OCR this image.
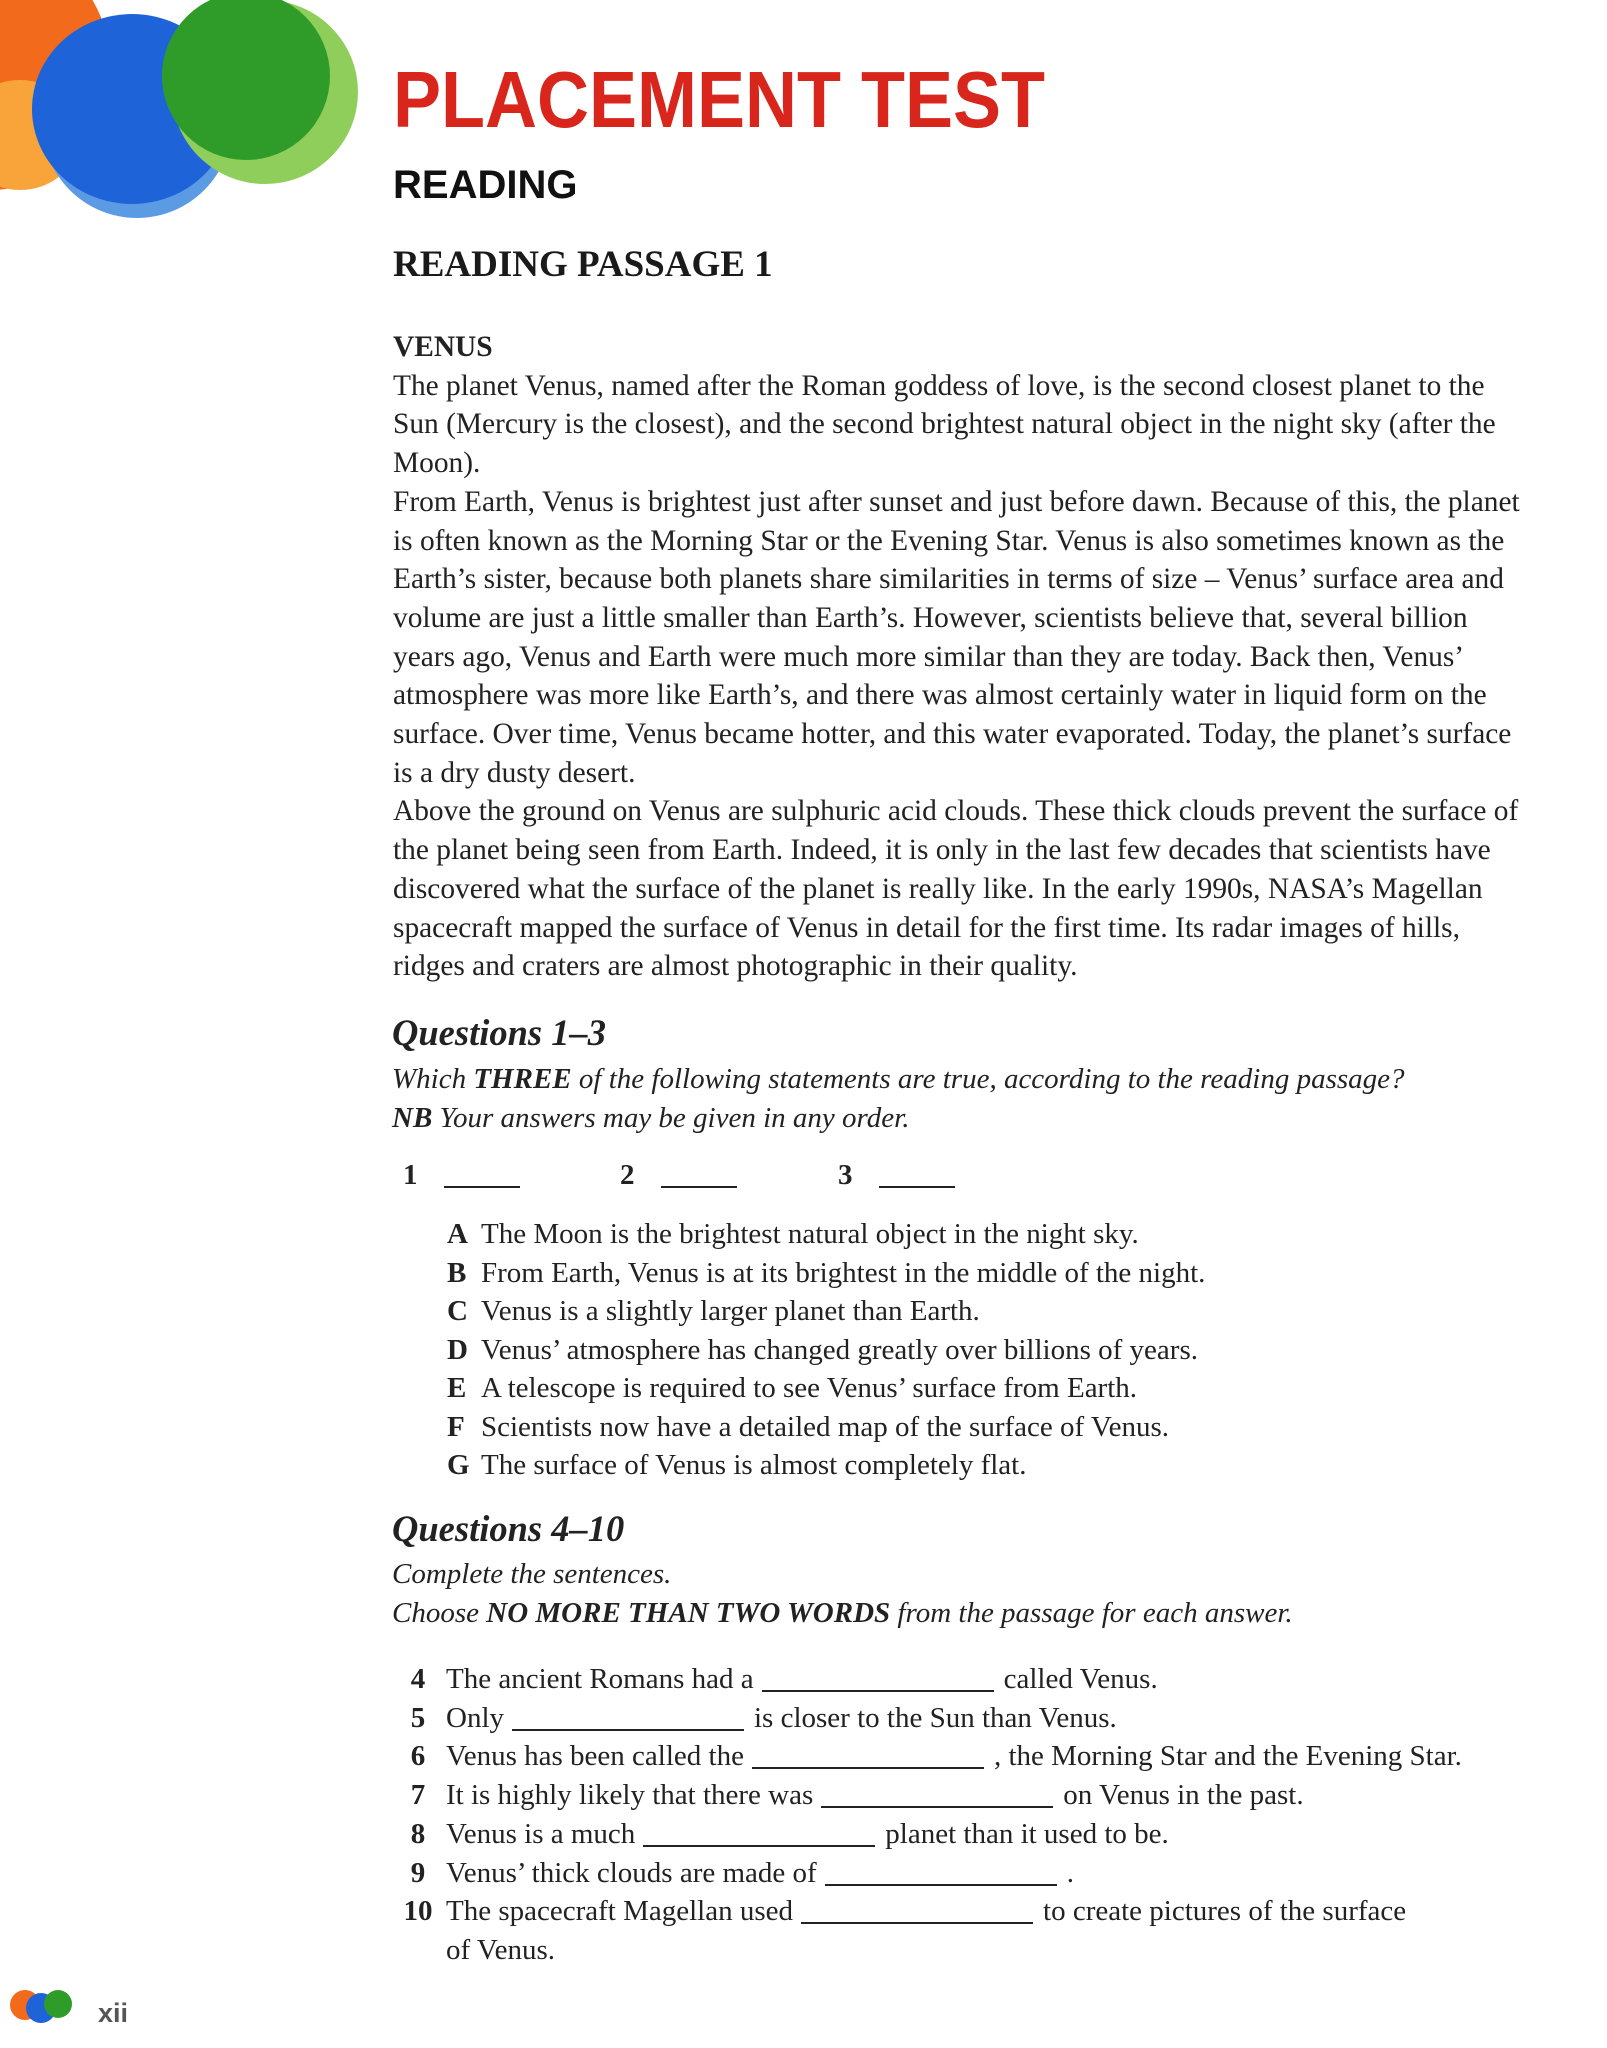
PLACEMENT TEST
READING
READING PASSAGE 1

VENUS

The planet Venus, named after the Roman goddess of love, is the second closest planet to the Sun (Mercury is the closest), and the second brightest natural object in the night sky (after the Moon).

From Earth, Venus is brightest just after sunset and just before dawn. Because of this, the planet is often known as the Morning Star or the Evening Star. Venus is also sometimes known as the Earth’s sister, because both planets share similarities in terms of size – Venus’ surface area and volume are just a little smaller than Earth’s. However, scientists believe that, several billion years ago, Venus and Earth were much more similar than they are today. Back then, Venus’ atmosphere was more like Earth’s, and there was almost certainly water in liquid form on the surface. Over time, Venus became hotter, and this water evaporated. Today, the planet’s surface is a dry dusty desert.

Above the ground on Venus are sulphuric acid clouds. These thick clouds prevent the surface of the planet being seen from Earth. Indeed, it is only in the last few decades that scientists have discovered what the surface of the planet is really like. In the early 1990s, NASA’s Magellan spacecraft mapped the surface of Venus in detail for the first time. Its radar images of hills, ridges and craters are almost photographic in their quality.

Questions 1–3

Which THREE of the following statements are true, according to the reading passage?

NB Your answers may be given in any order.

1	2	3
A The Moon is the brightest natural object in the night sky.
B From Earth, Venus is at its brightest in the middle of the night.
C Venus is a slightly larger planet than Earth.
D Venus’ atmosphere has changed greatly over billions of years.
E A telescope is required to see Venus’ surface from Earth.
F Scientists now have a detailed map of the surface of Venus.
G The surface of Venus is almost completely flat.
Questions 4–10

Complete the sentences.

Choose NO MORE THAN TWO WORDS from the passage for each answer.

4 The ancient Romans had a	called Venus.
5 Only	is closer to the Sun than Venus.
6 Venus has been called the	, the Morning Star and the Evening Star.
7 It is highly likely that there was	on Venus in the past.
8 Venus is a much	planet than it used to be.
9 Venus’ thick clouds are made of	.
10 The spacecraft Magellan used	to create pictures of the surface
of Venus.
xii
